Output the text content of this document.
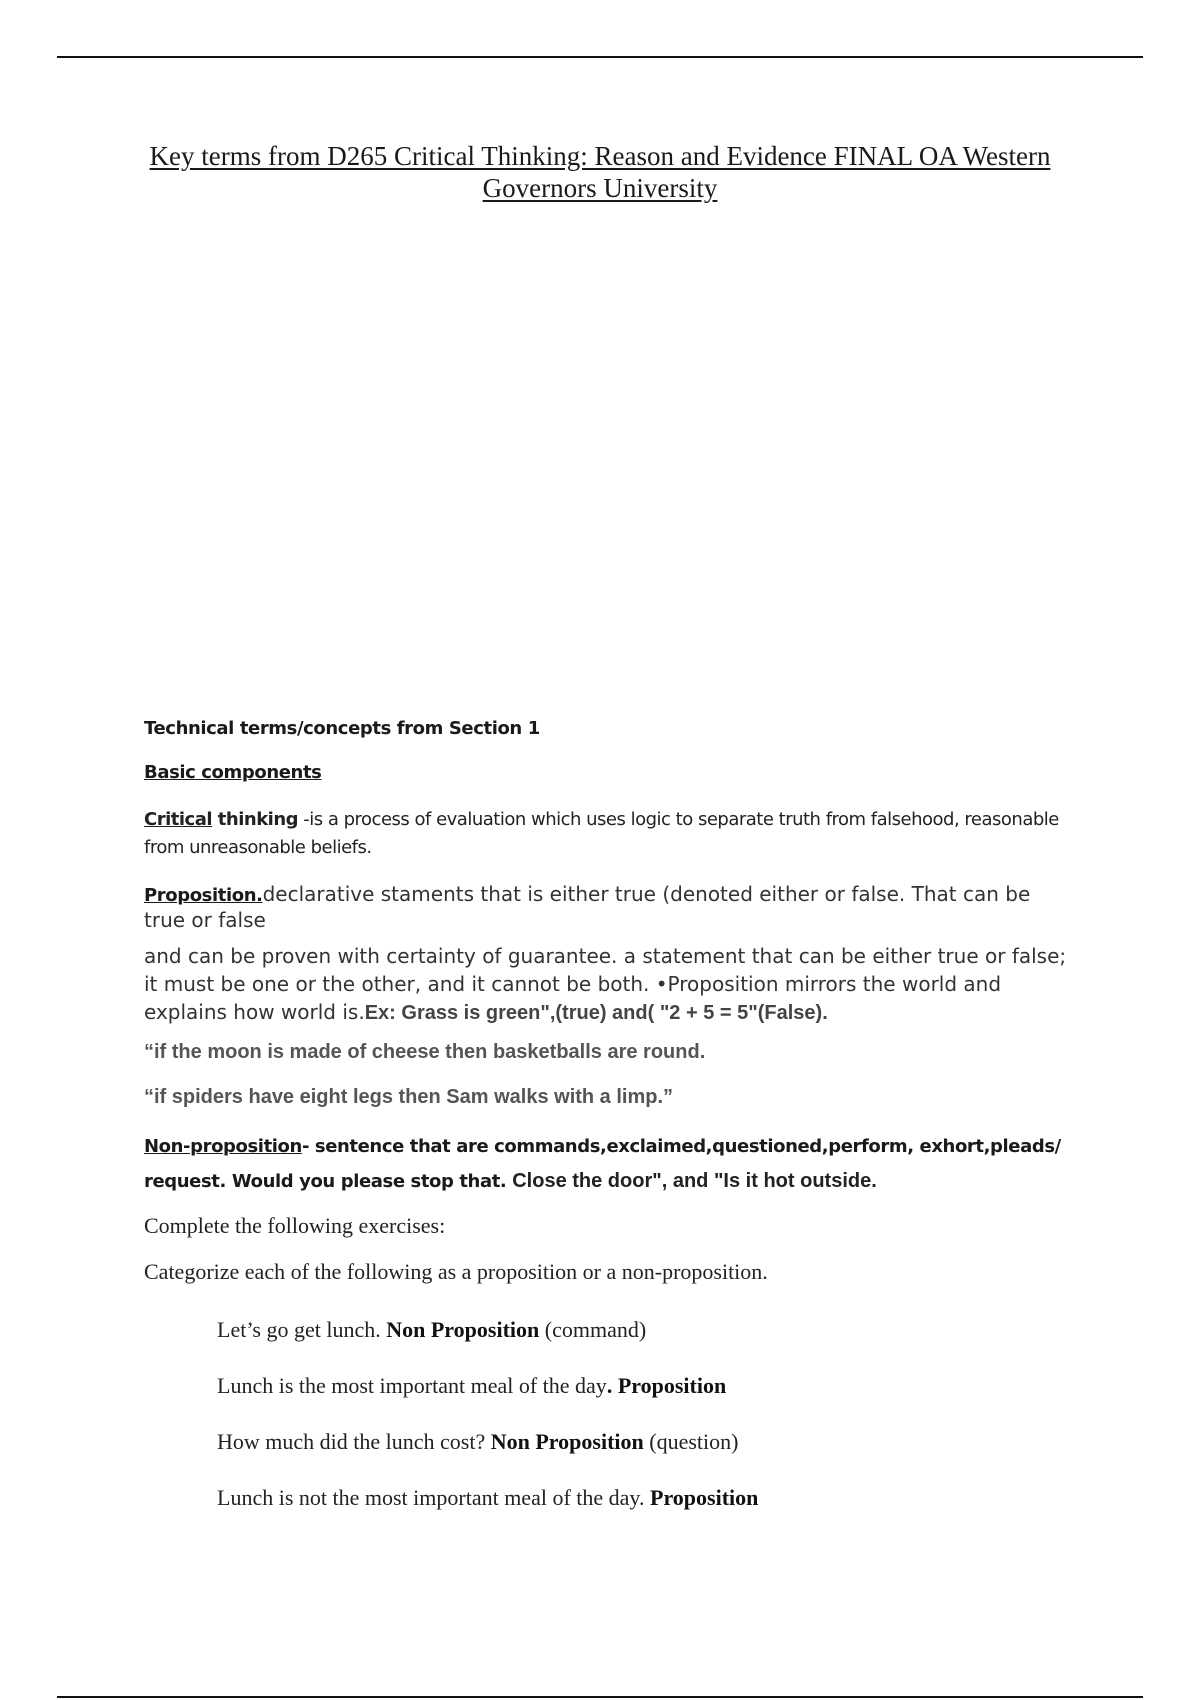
Key terms from D265 Critical Thinking: Reason and Evidence FINAL OA Western Governors University
Technical terms/concepts from Section 1
Basic components
Critical thinking -is a process of evaluation which uses logic to separate truth from falsehood, reasonable from unreasonable beliefs.
Proposition.declarative staments that is either true (denoted either or false. That can be true or false
and can be proven with certainty of guarantee. a statement that can be either true or false; it must be one or the other, and it cannot be both. •Proposition mirrors the world and explains how world is.Ex: Grass is green",(true) and( "2 + 5 = 5"(False).
“if the moon is made of cheese then basketballs are round.
“if spiders have eight legs then Sam walks with a limp.”
Non-proposition- sentence that are commands,exclaimed,questioned,perform, exhort,pleads/ request. Would you please stop that. Close the door", and "Is it hot outside.
Complete the following exercises:
Categorize each of the following as a proposition or a non-proposition.
Let’s go get lunch. Non Proposition (command)
Lunch is the most important meal of the day. Proposition
How much did the lunch cost? Non Proposition (question)
Lunch is not the most important meal of the day. Proposition
